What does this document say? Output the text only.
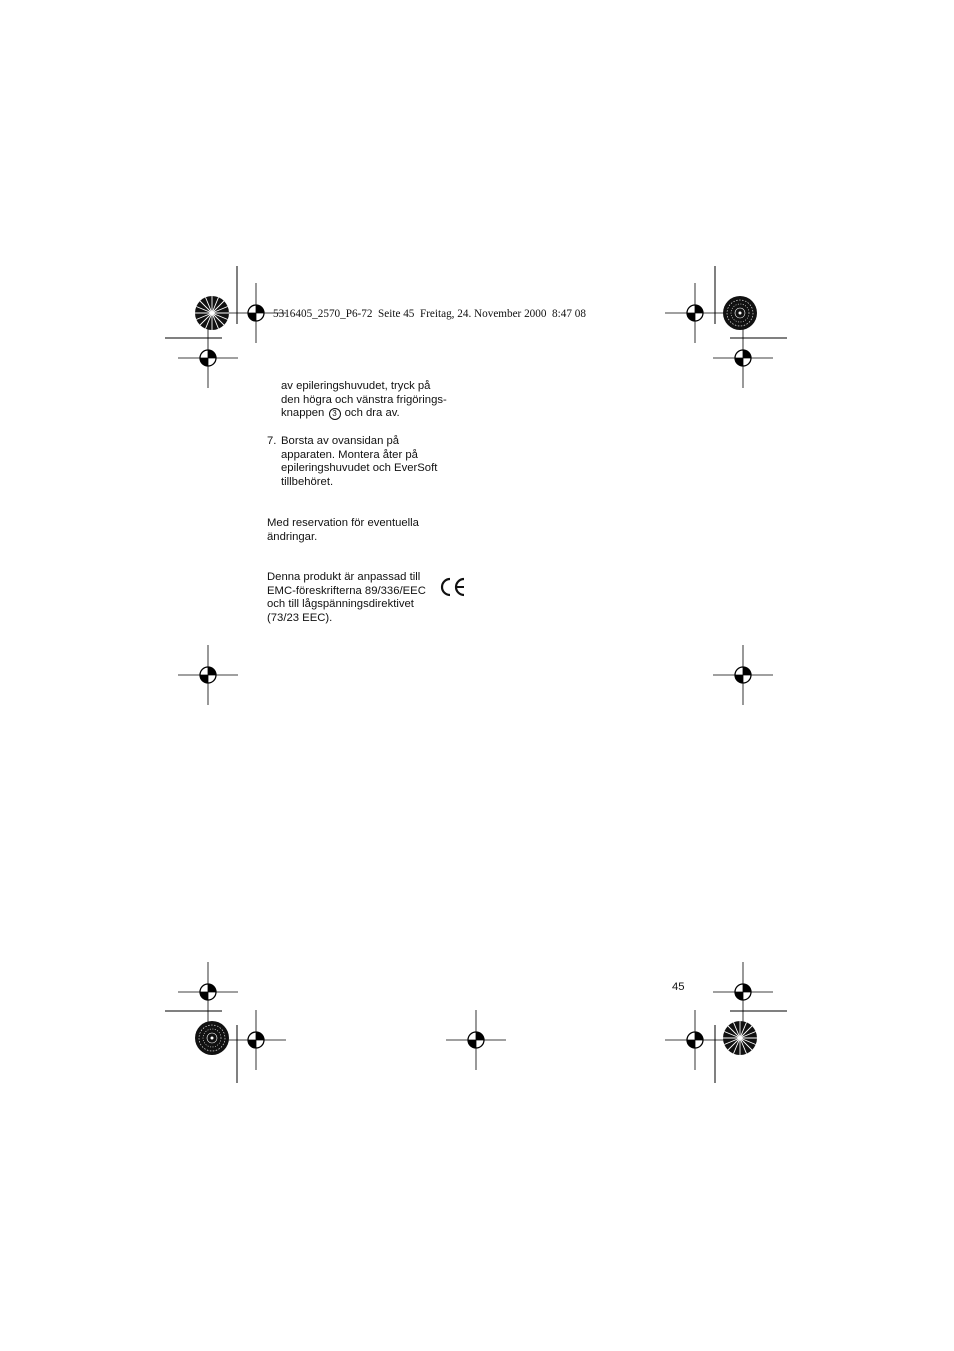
5316405_2570_P6-72  Seite 45  Freitag, 24. November 2000  8:47 08
av epileringshuvudet, tryck på
den högra och vänstra frigörings-
knappen 3 och dra av.
7. Borsta av ovansidan på
apparaten. Montera åter på
epileringshuvudet och EverSoft
tillbehöret.
Med reservation för eventuella
ändringar.
Denna produkt är anpassad till
EMC-föreskrifterna 89/336/EEC
och till lågspänningsdirektivet
(73/23 EEC).
45
